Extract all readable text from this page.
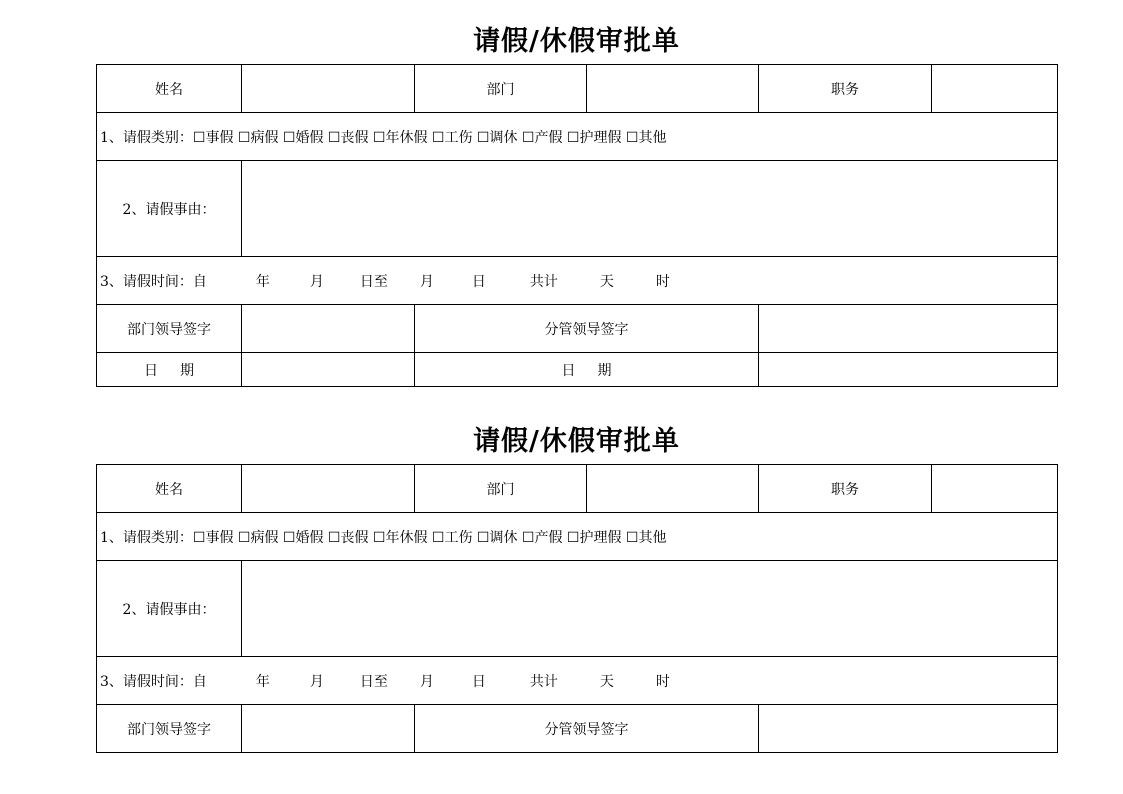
请假/休假审批单
姓名		部门		职务	
1、请假类别：☐事假 ☐病假 ☐婚假 ☐丧假 ☐年休假 ☐工伤 ☐调休 ☐产假 ☐护理假 ☐其他					
2、请假事由：					
3、请假时间：自 年 月 日至 月 日 共计 天 时					
部门领导签字		分管领导签字			
日 期		日 期			
请假/休假审批单
姓名		部门		职务	
1、请假类别：☐事假 ☐病假 ☐婚假 ☐丧假 ☐年休假 ☐工伤 ☐调休 ☐产假 ☐护理假 ☐其他					
2、请假事由：					
3、请假时间：自 年 月 日至 月 日 共计 天 时					
部门领导签字		分管领导签字			
